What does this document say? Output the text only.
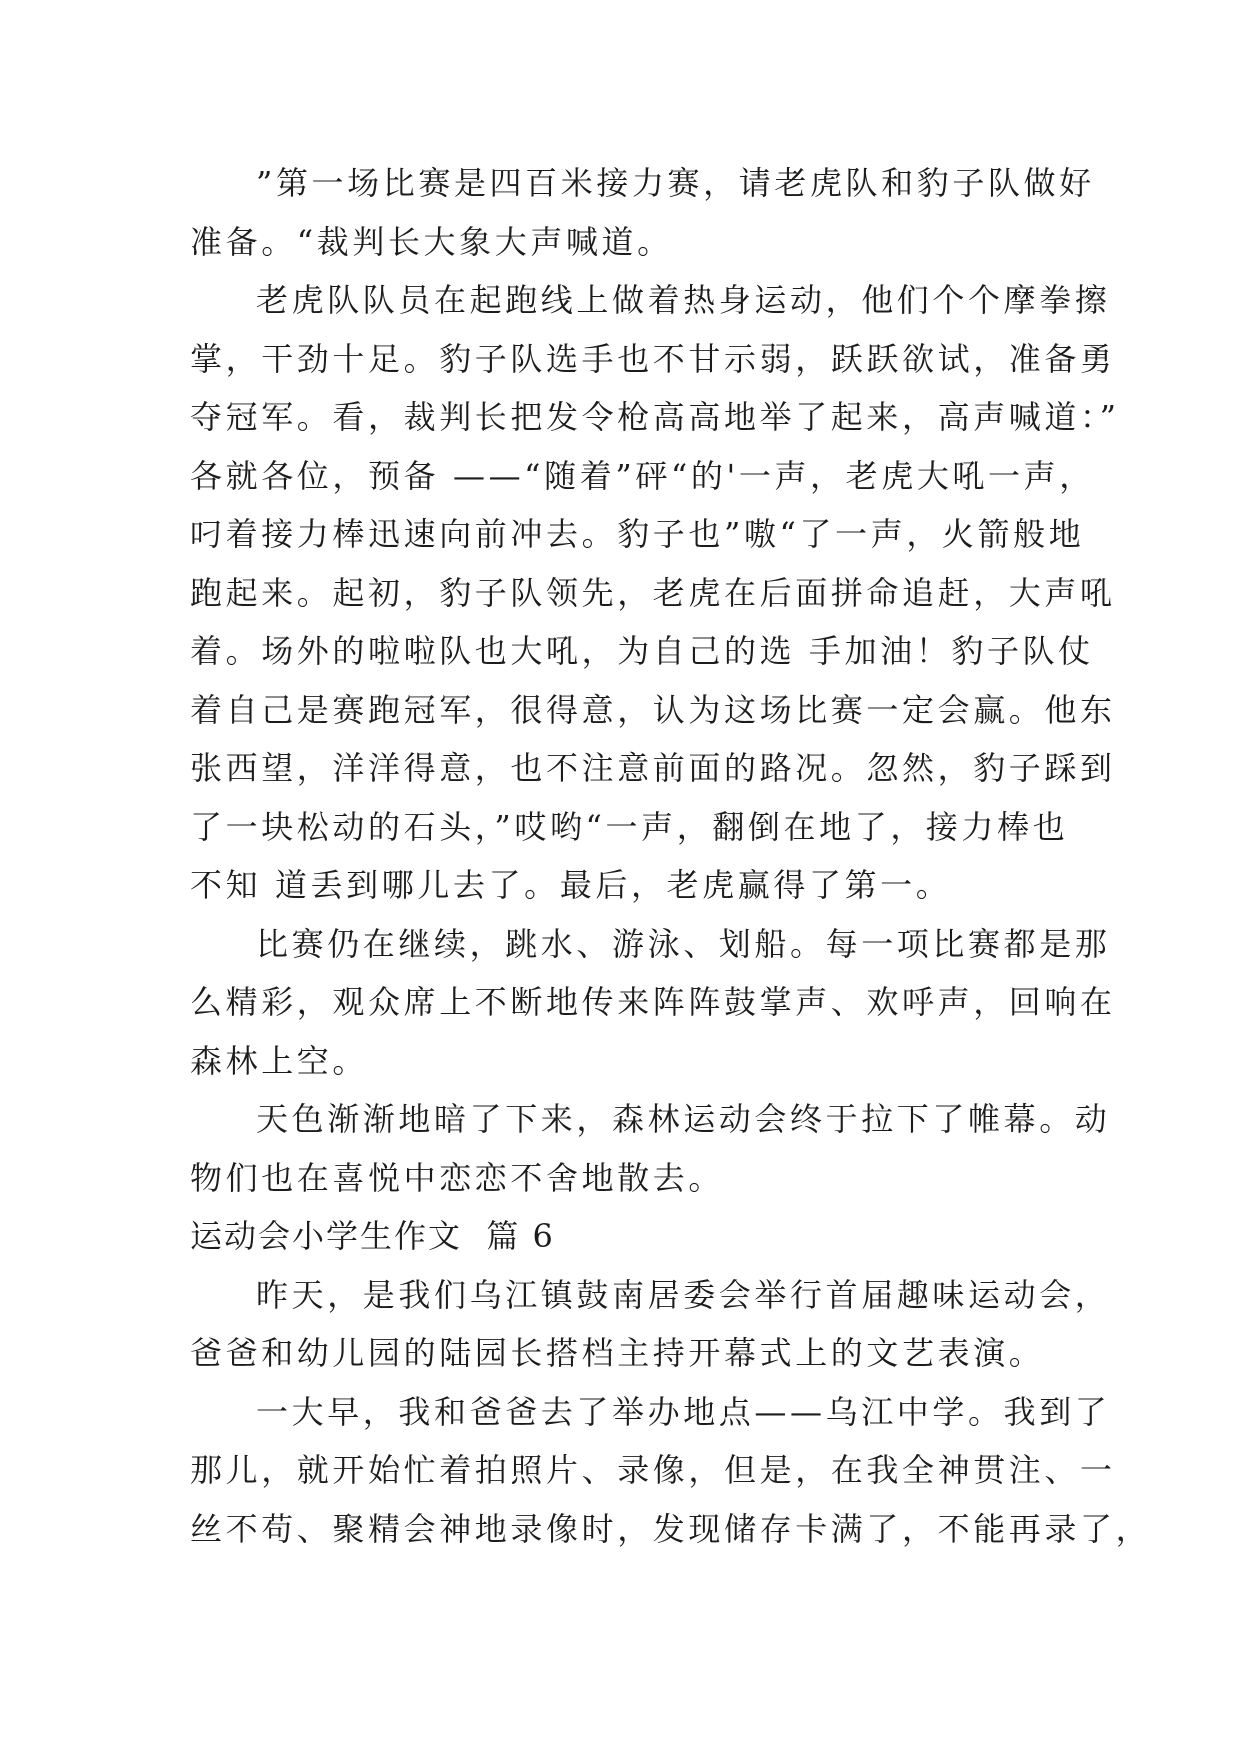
”第一场比赛是四百米接力赛，请老虎队和豹子队做好
准备。“裁判长大象大声喊道。
老虎队队员在起跑线上做着热身运动，他们个个摩拳擦
掌，干劲十足。豹子队选手也不甘示弱，跃跃欲试，准备勇
夺冠军。看，裁判长把发令枪高高地举了起来，高声喊道：”
各就各位，预备 ——“随着”砰“的'一声，老虎大吼一声，
叼着接力棒迅速向前冲去。豹子也”嗷“了一声，火箭般地
跑起来。起初，豹子队领先，老虎在后面拼命追赶，大声吼
着。场外的啦啦队也大吼，为自己的选 手加油！豹子队仗
着自己是赛跑冠军，很得意，认为这场比赛一定会赢。他东
张西望，洋洋得意，也不注意前面的路况。忽然，豹子踩到
了一块松动的石头，”哎哟“一声，翻倒在地了，接力棒也
不知 道丢到哪儿去了。最后，老虎赢得了第一。
比赛仍在继续，跳水、游泳、划船。每一项比赛都是那
么精彩，观众席上不断地传来阵阵鼓掌声、欢呼声，回响在
森林上空。
天色渐渐地暗了下来，森林运动会终于拉下了帷幕。动
物们也在喜悦中恋恋不舍地散去。
运动会小学生作文  篇 6
昨天，是我们乌江镇鼓南居委会举行首届趣味运动会，
爸爸和幼儿园的陆园长搭档主持开幕式上的文艺表演。
一大早，我和爸爸去了举办地点——乌江中学。我到了
那儿，就开始忙着拍照片、录像，但是，在我全神贯注、一
丝不苟、聚精会神地录像时，发现储存卡满了，不能再录了，
